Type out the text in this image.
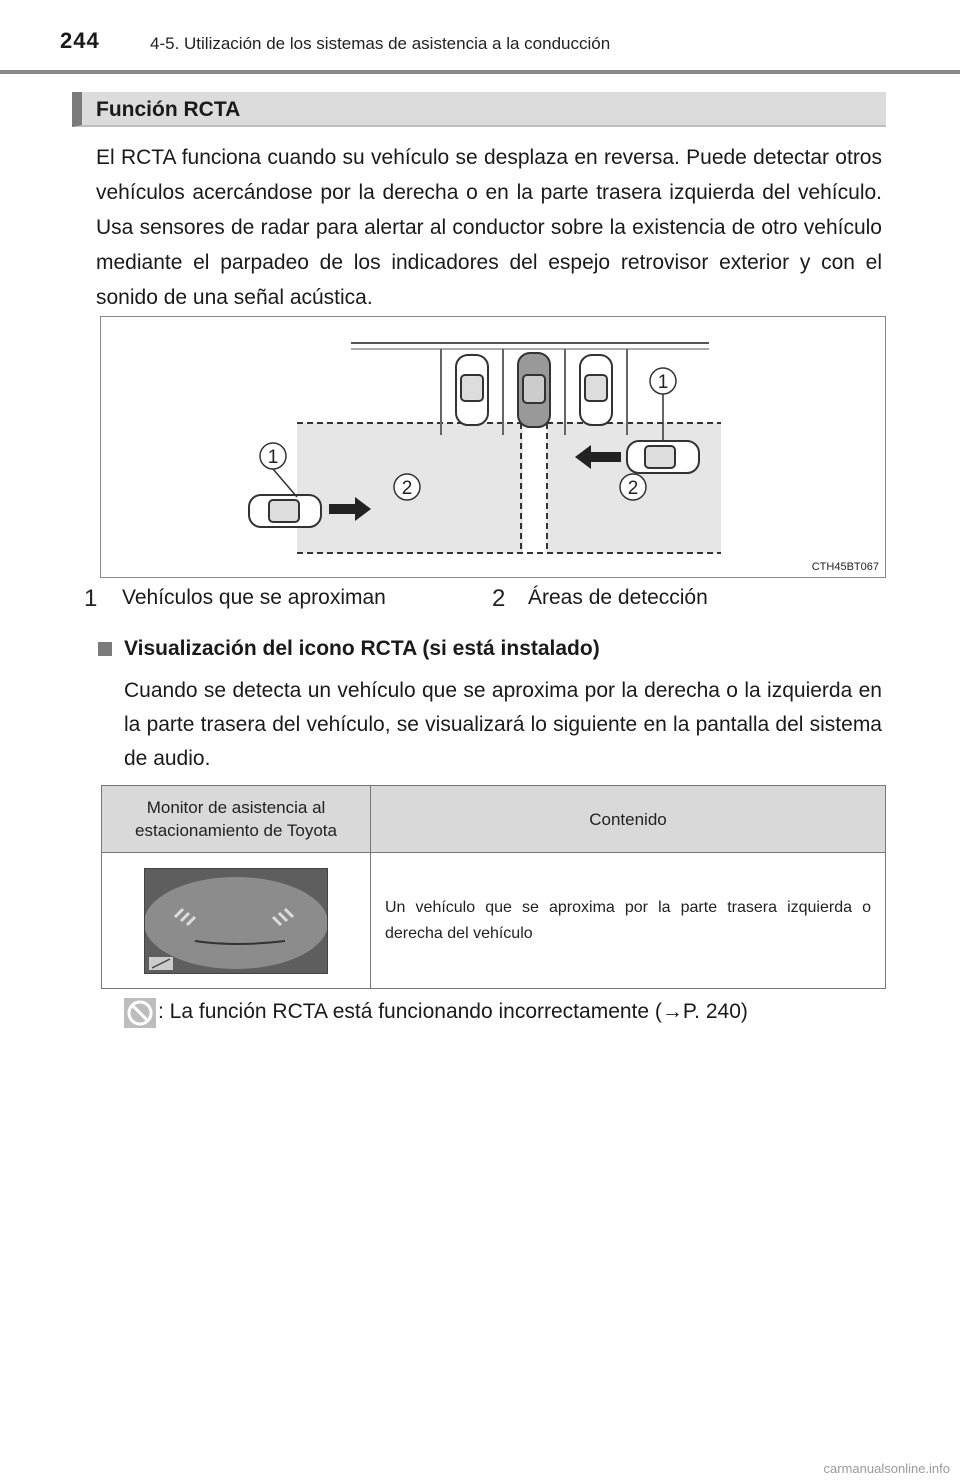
244	4-5. Utilización de los sistemas de asistencia a la conducción
Función RCTA

El RCTA funciona cuando su vehículo se desplaza en reversa. Puede detectar otros vehículos acercándose por la derecha o en la parte trasera izquierda del vehículo. Usa sensores de radar para alertar al conductor sobre la existencia de otro vehículo mediante el parpadeo de los indicadores del espejo retrovisor exterior y con el sonido de una señal acústica.

1
1
2	2
CTH45BT067
1 Vehículos que se aproximan	2 Áreas de detección
Visualización del icono RCTA (si está instalado)

Cuando se detecta un vehículo que se aproxima por la derecha o la izquierda en la parte trasera del vehículo, se visualizará lo siguiente en la pantalla del sistema de audio.

Monitor de asistencia al estacionamiento de Toyota	Contenido

	Un vehículo que se aproxima por la parte trasera izquierda o derecha del vehículo
: La función RCTA está funcionando incorrectamente (→P. 240)
carmanualsonline.info
